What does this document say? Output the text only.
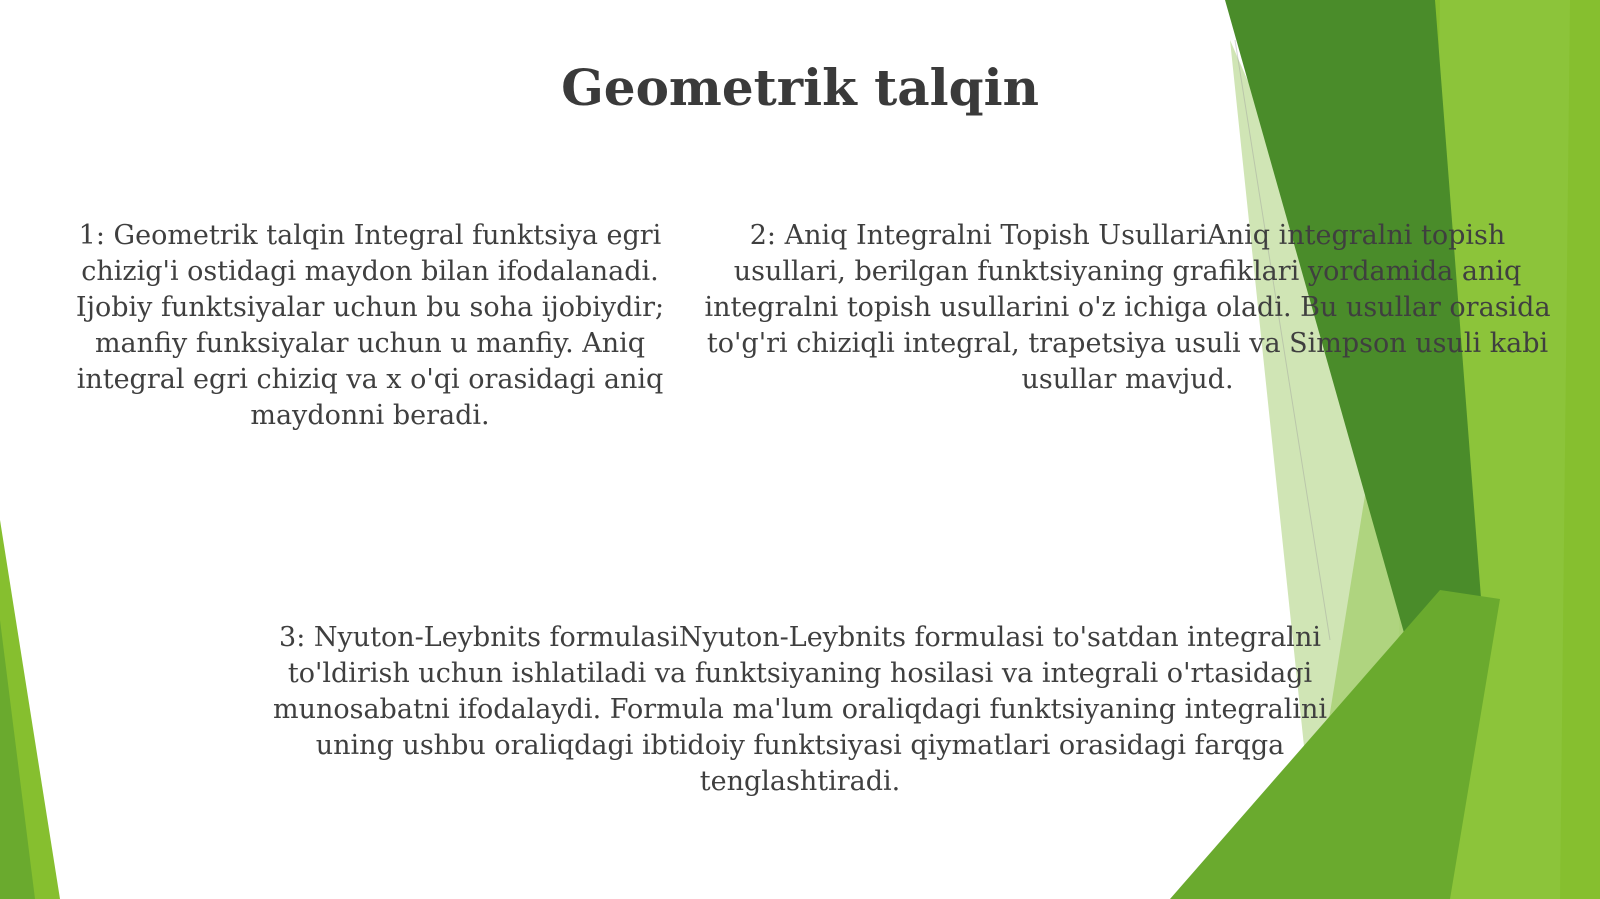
Geometrik talqin

1: Geometrik talqin Integral funktsiya egri chizig'i ostidagi maydon bilan ifodalanadi. Ijobiy funktsiyalar uchun bu soha ijobiydir; manfiy funksiyalar uchun u manfiy. Aniq integral egri chiziq va x o'qi orasidagi aniq maydonni beradi.

2: Aniq Integralni Topish UsullariAniq integralni topish usullari, berilgan funktsiyaning grafiklari yordamida aniq integralni topish usullarini o'z ichiga oladi. Bu usullar orasida to'g'ri chiziqli integral, trapetsiya usuli va Simpson usuli kabi usullar mavjud.

3: Nyuton-Leybnits formulasiNyuton-Leybnits formulasi to'satdan integralni to'ldirish uchun ishlatiladi va funktsiyaning hosilasi va integrali o'rtasidagi munosabatni ifodalaydi. Formula ma'lum oraliqdagi funktsiyaning integralini uning ushbu oraliqdagi ibtidoiy funktsiyasi qiymatlari orasidagi farqga tenglashtiradi.
